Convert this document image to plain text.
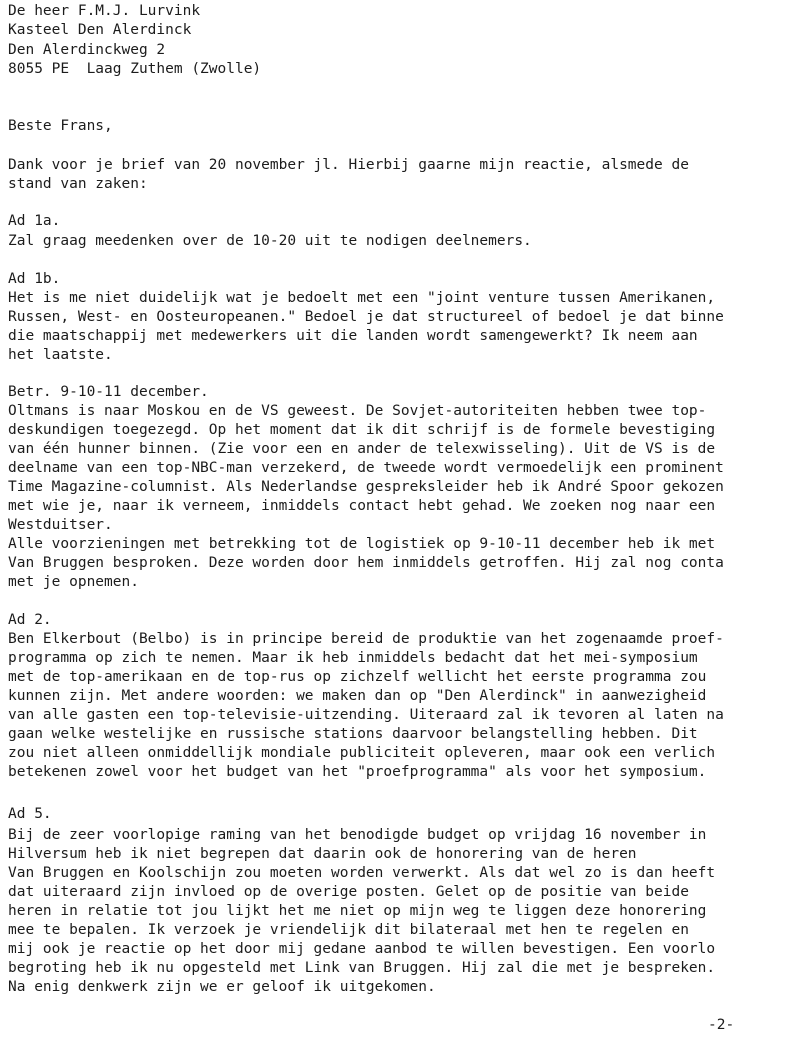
De heer F.M.J. Lurvink
Kasteel Den Alerdinck
Den Alerdinckweg 2
8055 PE  Laag Zuthem (Zwolle)
Beste Frans,
Dank voor je brief van 20 november jl. Hierbij gaarne mijn reactie, alsmede de
stand van zaken:
Ad 1a.
Zal graag meedenken over de 10-20 uit te nodigen deelnemers.
Ad 1b.
Het is me niet duidelijk wat je bedoelt met een "joint venture tussen Amerikanen,
Russen, West- en Oosteuropeanen." Bedoel je dat structureel of bedoel je dat binne
die maatschappij met medewerkers uit die landen wordt samengewerkt? Ik neem aan
het laatste.
Betr. 9-10-11 december.
Oltmans is naar Moskou en de VS geweest. De Sovjet-autoriteiten hebben twee top-
deskundigen toegezegd. Op het moment dat ik dit schrijf is de formele bevestiging
van één hunner binnen. (Zie voor een en ander de telexwisseling). Uit de VS is de
deelname van een top-NBC-man verzekerd, de tweede wordt vermoedelijk een prominent
Time Magazine-columnist. Als Nederlandse gespreksleider heb ik André Spoor gekozen
met wie je, naar ik verneem, inmiddels contact hebt gehad. We zoeken nog naar een
Westduitser.
Alle voorzieningen met betrekking tot de logistiek op 9-10-11 december heb ik met
Van Bruggen besproken. Deze worden door hem inmiddels getroffen. Hij zal nog conta
met je opnemen.
Ad 2.
Ben Elkerbout (Belbo) is in principe bereid de produktie van het zogenaamde proef-
programma op zich te nemen. Maar ik heb inmiddels bedacht dat het mei-symposium
met de top-amerikaan en de top-rus op zichzelf wellicht het eerste programma zou
kunnen zijn. Met andere woorden: we maken dan op "Den Alerdinck" in aanwezigheid
van alle gasten een top-televisie-uitzending. Uiteraard zal ik tevoren al laten na
gaan welke westelijke en russische stations daarvoor belangstelling hebben. Dit
zou niet alleen onmiddellijk mondiale publiciteit opleveren, maar ook een verlich
betekenen zowel voor het budget van het "proefprogramma" als voor het symposium.
Ad 5.
Bij de zeer voorlopige raming van het benodigde budget op vrijdag 16 november in
Hilversum heb ik niet begrepen dat daarin ook de honorering van de heren
Van Bruggen en Koolschijn zou moeten worden verwerkt. Als dat wel zo is dan heeft
dat uiteraard zijn invloed op de overige posten. Gelet op de positie van beide
heren in relatie tot jou lijkt het me niet op mijn weg te liggen deze honorering
mee te bepalen. Ik verzoek je vriendelijk dit bilateraal met hen te regelen en
mij ook je reactie op het door mij gedane aanbod te willen bevestigen. Een voorlo
begroting heb ik nu opgesteld met Link van Bruggen. Hij zal die met je bespreken.
Na enig denkwerk zijn we er geloof ik uitgekomen.
-2-
